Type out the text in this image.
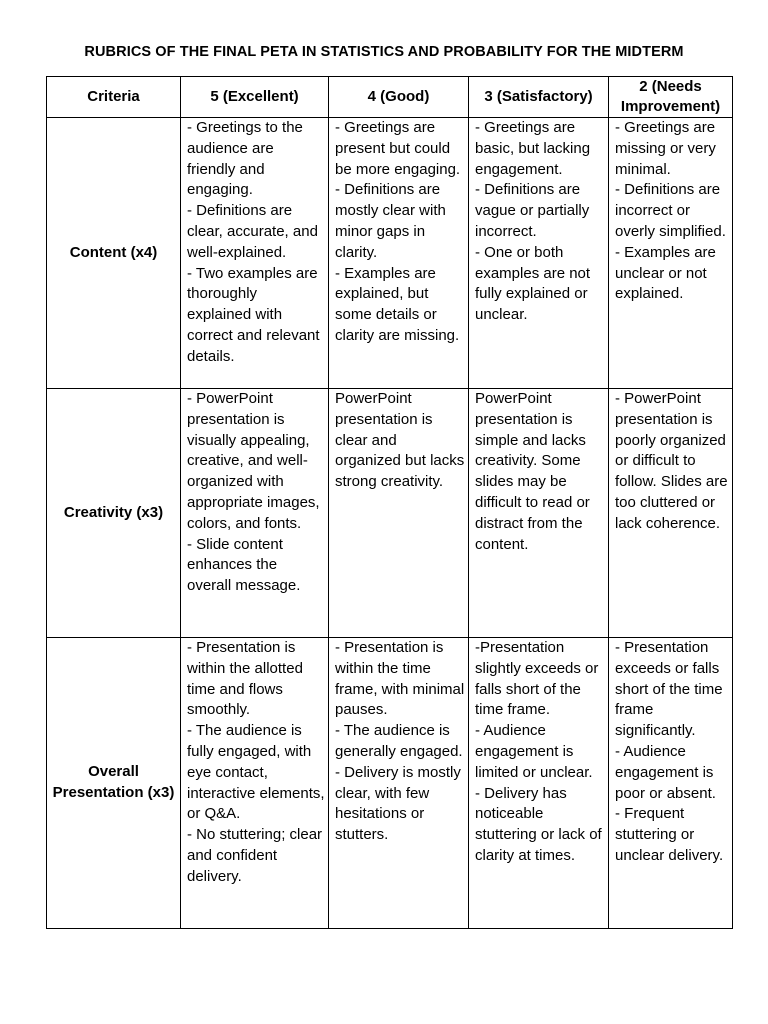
RUBRICS OF THE FINAL PETA IN STATISTICS AND PROBABILITY FOR THE MIDTERM
Criteria	5 (Excellent)	4 (Good)	3 (Satisfactory)	2 (Needs Improvement)
Content (x4)	- Greetings to the audience are friendly and engaging.
- Definitions are clear, accurate, and well-explained.
- Two examples are thoroughly explained with correct and relevant details.	- Greetings are present but could be more engaging.
- Definitions are mostly clear with minor gaps in clarity.
- Examples are explained, but some details or clarity are missing.	- Greetings are basic, but lacking engagement.
- Definitions are vague or partially incorrect.
- One or both examples are not fully explained or unclear.	- Greetings are missing or very minimal.
- Definitions are incorrect or overly simplified.
- Examples are unclear or not explained.
Creativity (x3)	- PowerPoint presentation is visually appealing, creative, and well-organized with appropriate images, colors, and fonts.
- Slide content enhances the overall message.	PowerPoint presentation is clear and organized but lacks strong creativity.	PowerPoint presentation is simple and lacks creativity. Some slides may be difficult to read or distract from the content.	- PowerPoint presentation is poorly organized or difficult to follow. Slides are too cluttered or lack coherence.
Overall Presentation (x3)	- Presentation is within the allotted time and flows smoothly.
- The audience is fully engaged, with eye contact, interactive elements, or Q&A.
- No stuttering; clear and confident delivery.	- Presentation is within the time frame, with minimal pauses.
- The audience is generally engaged.
- Delivery is mostly clear, with few hesitations or stutters.	-Presentation slightly exceeds or falls short of the time frame.
- Audience engagement is limited or unclear.
- Delivery has noticeable stuttering or lack of clarity at times.	- Presentation exceeds or falls short of the time frame significantly.
- Audience engagement is poor or absent.
- Frequent stuttering or unclear delivery.
